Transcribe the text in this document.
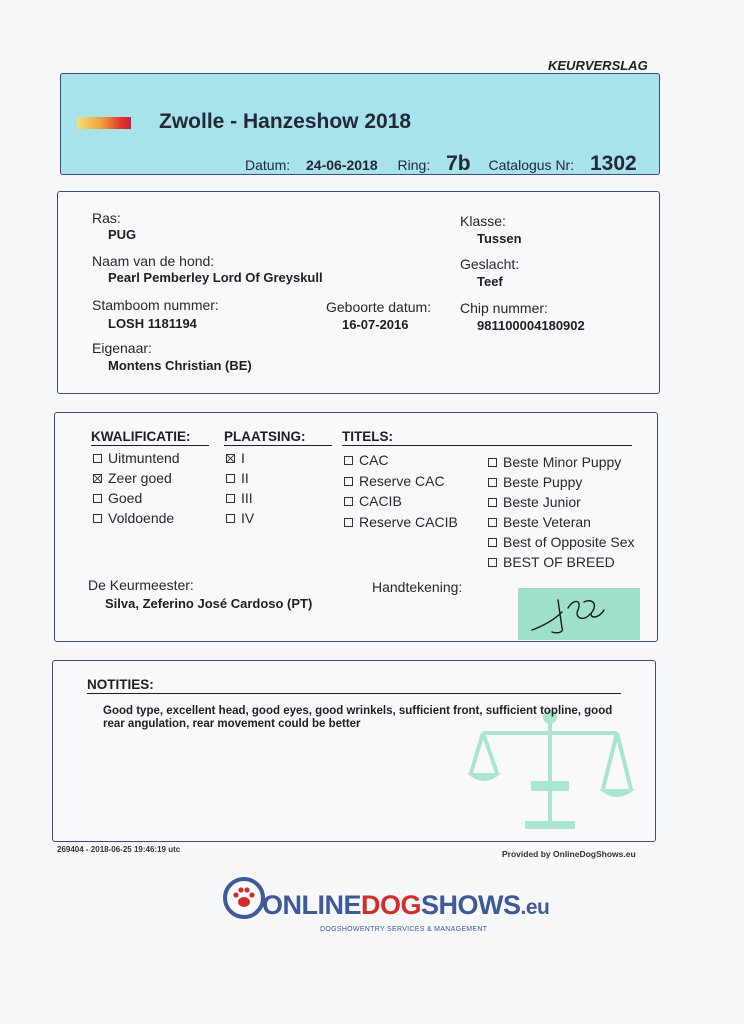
KEURVERSLAG
Zwolle - Hanzeshow 2018
Datum: 24-06-2018 Ring: 7b Catalogus Nr: 1302
Ras:
PUG
Naam van de hond:
Pearl Pemberley Lord Of Greyskull
Stamboom nummer:
LOSH 1181194
Geboorte datum:
16-07-2016
Eigenaar:
Montens Christian (BE)
Klasse:
Tussen
Geslacht:
Teef
Chip nummer:
981100004180902
KWALIFICATIE:	PLAATSING:	TITELS:
Uitmuntend
Zeer goed
Goed
Voldoende
I
II
III
IV
CAC
Reserve CAC
CACIB
Reserve CACIB
Beste Minor Puppy
Beste Puppy
Beste Junior
Beste Veteran
Best of Opposite Sex
BEST OF BREED
De Keurmeester:
Silva, Zeferino José Cardoso (PT)
Handtekening:
NOTITIES:
Good type, excellent head, good eyes, good wrinkels, sufficient front, sufficient topline, good rear angulation, rear movement could be better
269404 - 2018-06-25 19:46:19 utc	Provided by OnlineDogShows.eu
ONLINEDOGSHOWS.eu
DOGSHOWENTRY SERVICES & MANAGEMENT
